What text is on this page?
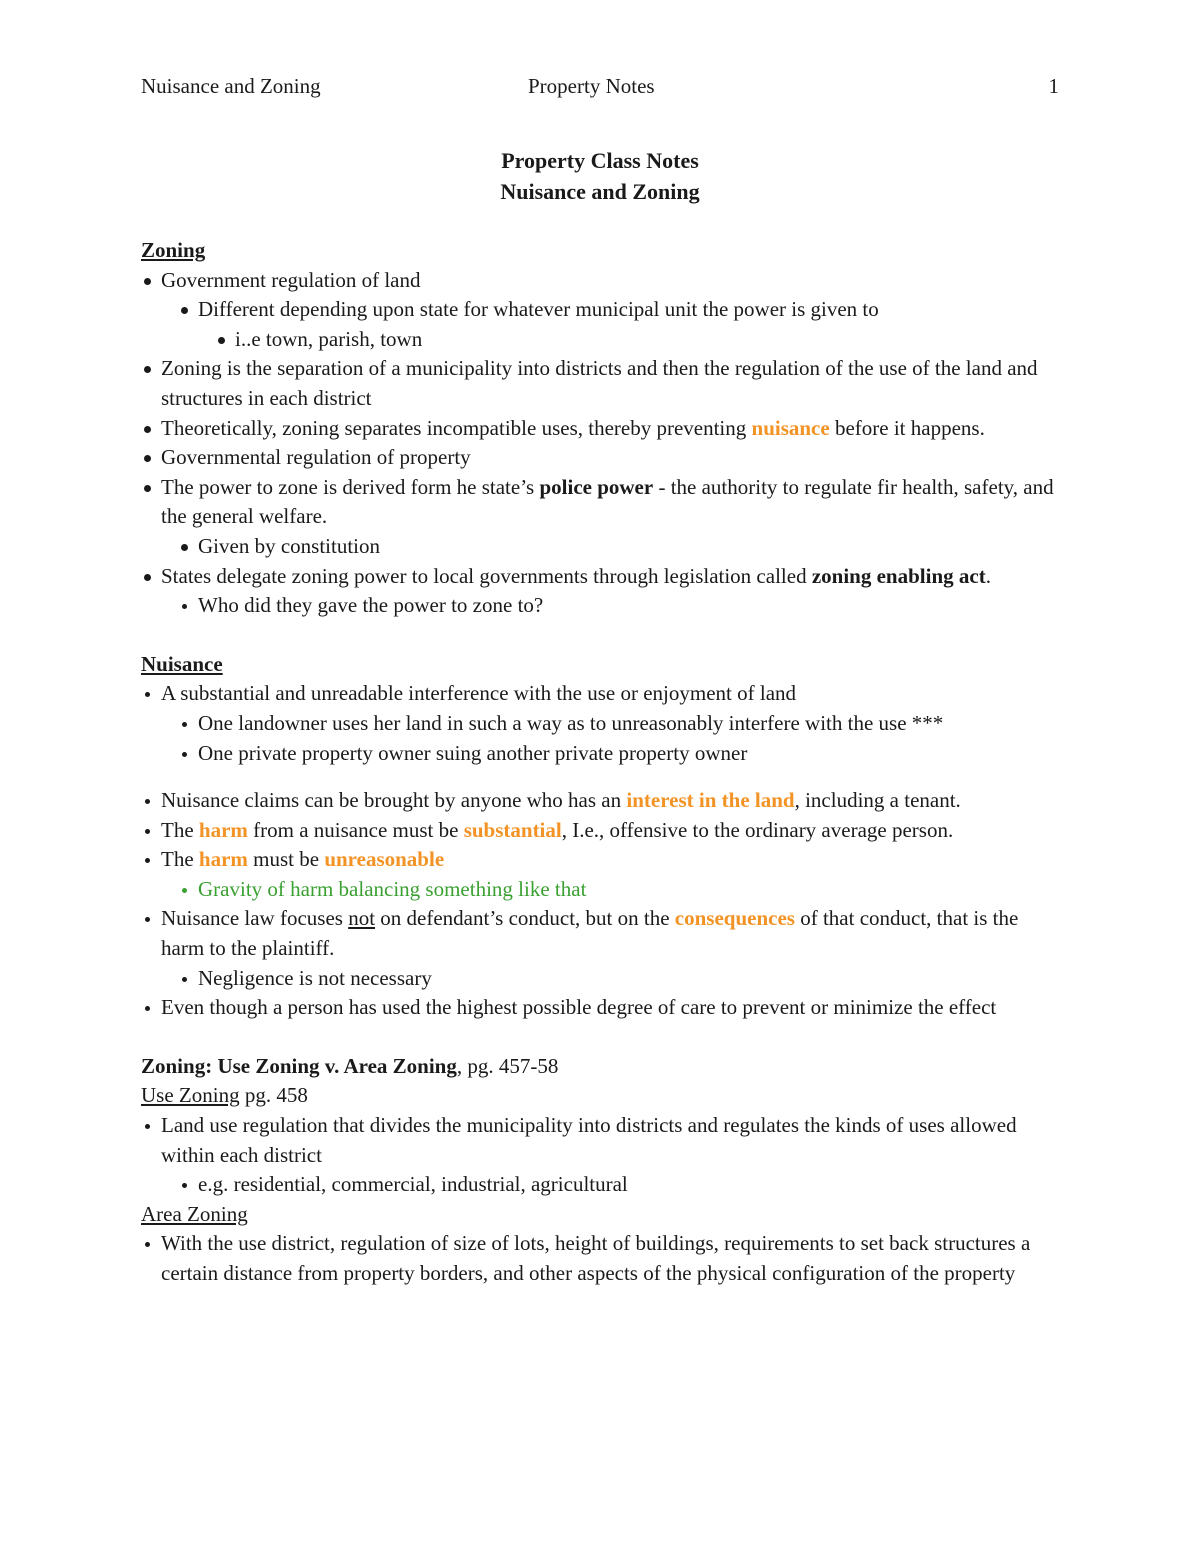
Nuisance and Zoning	Property Notes	1
Property Class Notes
Nuisance and Zoning
Zoning
Government regulation of land
Different depending upon state for whatever municipal unit the power is given to
i..e town, parish, town
Zoning is the separation of a municipality into districts and then the regulation of the use of the land and structures in each district
Theoretically, zoning separates incompatible uses, thereby preventing nuisance before it happens.
Governmental regulation of property
The power to zone is derived form he state’s police power - the authority to regulate fir health, safety, and the general welfare.
Given by constitution
States delegate zoning power to local governments through legislation called zoning enabling act.
Who did they gave the power to zone to?
Nuisance
A substantial and unreadable interference with the use or enjoyment of land
One landowner uses her land in such a way as to unreasonably interfere with the use ***
One private property owner suing another private property owner
Nuisance claims can be brought by anyone who has an interest in the land, including a tenant.
The harm from a nuisance must be substantial, I.e., offensive to the ordinary average person.
The harm must be unreasonable
Gravity of harm balancing something like that
Nuisance law focuses not on defendant’s conduct, but on the consequences of that conduct, that is the harm to the plaintiff.
Negligence is not necessary
Even though a person has used the highest possible degree of care to prevent or minimize the effect
Zoning: Use Zoning v. Area Zoning, pg. 457-58
Use Zoning pg. 458
Land use regulation that divides the municipality into districts and regulates the kinds of uses allowed within each district
e.g. residential, commercial, industrial, agricultural
Area Zoning
With the use district, regulation of size of lots, height of buildings, requirements to set back structures a certain distance from property borders, and other aspects of the physical configuration of the property
